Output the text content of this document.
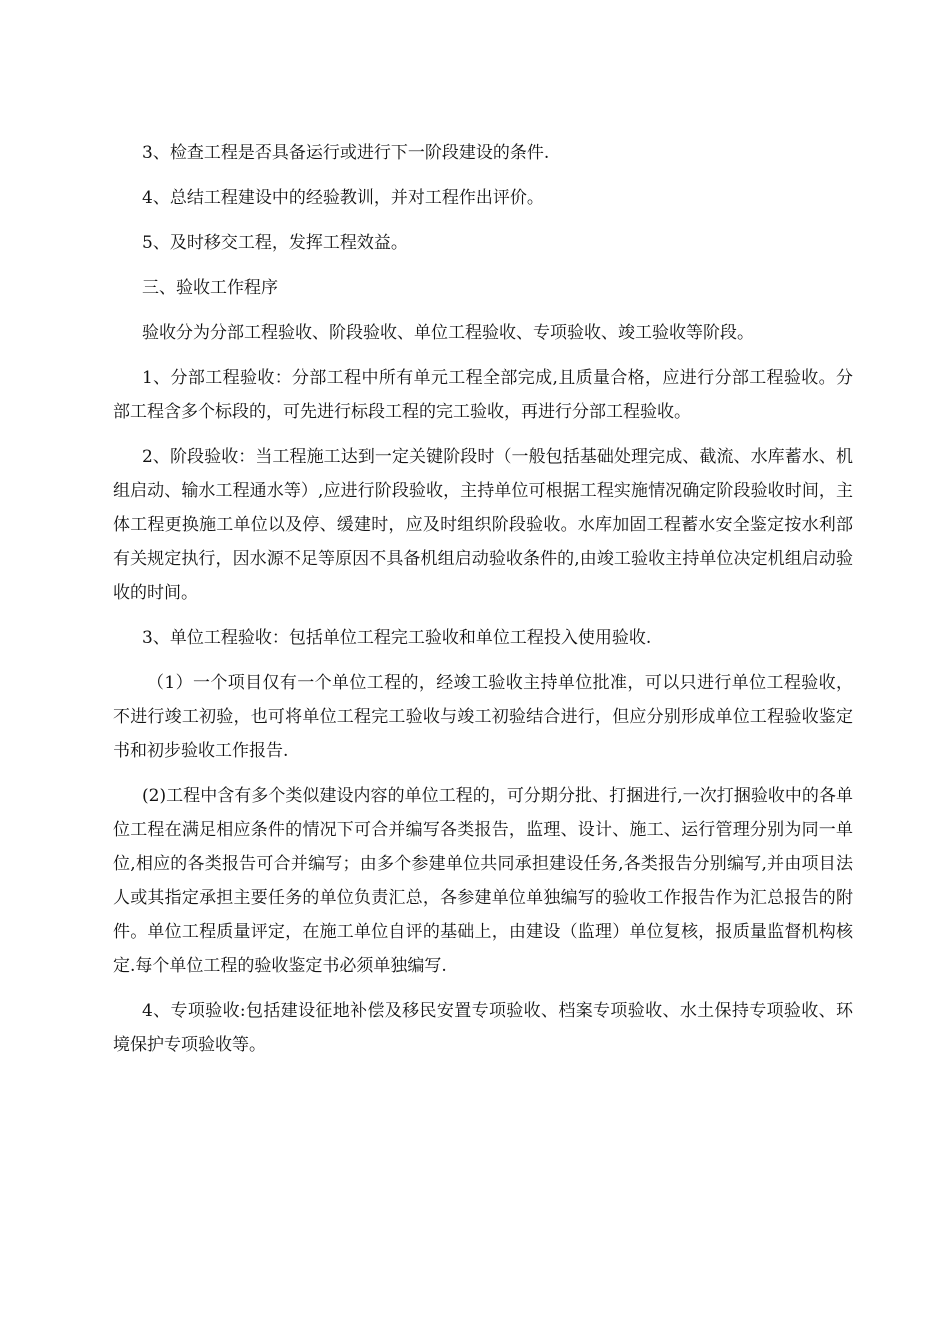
3、检查工程是否具备运行或进行下一阶段建设的条件.

4、总结工程建设中的经验教训，并对工程作出评价。

5、及时移交工程，发挥工程效益。

三、验收工作程序

验收分为分部工程验收、阶段验收、单位工程验收、专项验收、竣工验收等阶段。

1、分部工程验收：分部工程中所有单元工程全部完成,且质量合格，应进行分部工程验收。分部工程含多个标段的，可先进行标段工程的完工验收，再进行分部工程验收。

2、阶段验收：当工程施工达到一定关键阶段时（一般包括基础处理完成、截流、水库蓄水、机组启动、输水工程通水等）,应进行阶段验收，主持单位可根据工程实施情况确定阶段验收时间，主体工程更换施工单位以及停、缓建时，应及时组织阶段验收。水库加固工程蓄水安全鉴定按水利部有关规定执行，因水源不足等原因不具备机组启动验收条件的,由竣工验收主持单位决定机组启动验收的时间。

3、单位工程验收：包括单位工程完工验收和单位工程投入使用验收.

（1）一个项目仅有一个单位工程的，经竣工验收主持单位批准，可以只进行单位工程验收，不进行竣工初验，也可将单位工程完工验收与竣工初验结合进行，但应分别形成单位工程验收鉴定书和初步验收工作报告.

(2)工程中含有多个类似建设内容的单位工程的，可分期分批、打捆进行,一次打捆验收中的各单位工程在满足相应条件的情况下可合并编写各类报告，监理、设计、施工、运行管理分别为同一单位,相应的各类报告可合并编写；由多个参建单位共同承担建设任务,各类报告分别编写,并由项目法人或其指定承担主要任务的单位负责汇总，各参建单位单独编写的验收工作报告作为汇总报告的附件。单位工程质量评定，在施工单位自评的基础上，由建设（监理）单位复核，报质量监督机构核定.每个单位工程的验收鉴定书必须单独编写.

4、专项验收:包括建设征地补偿及移民安置专项验收、档案专项验收、水土保持专项验收、环境保护专项验收等。
